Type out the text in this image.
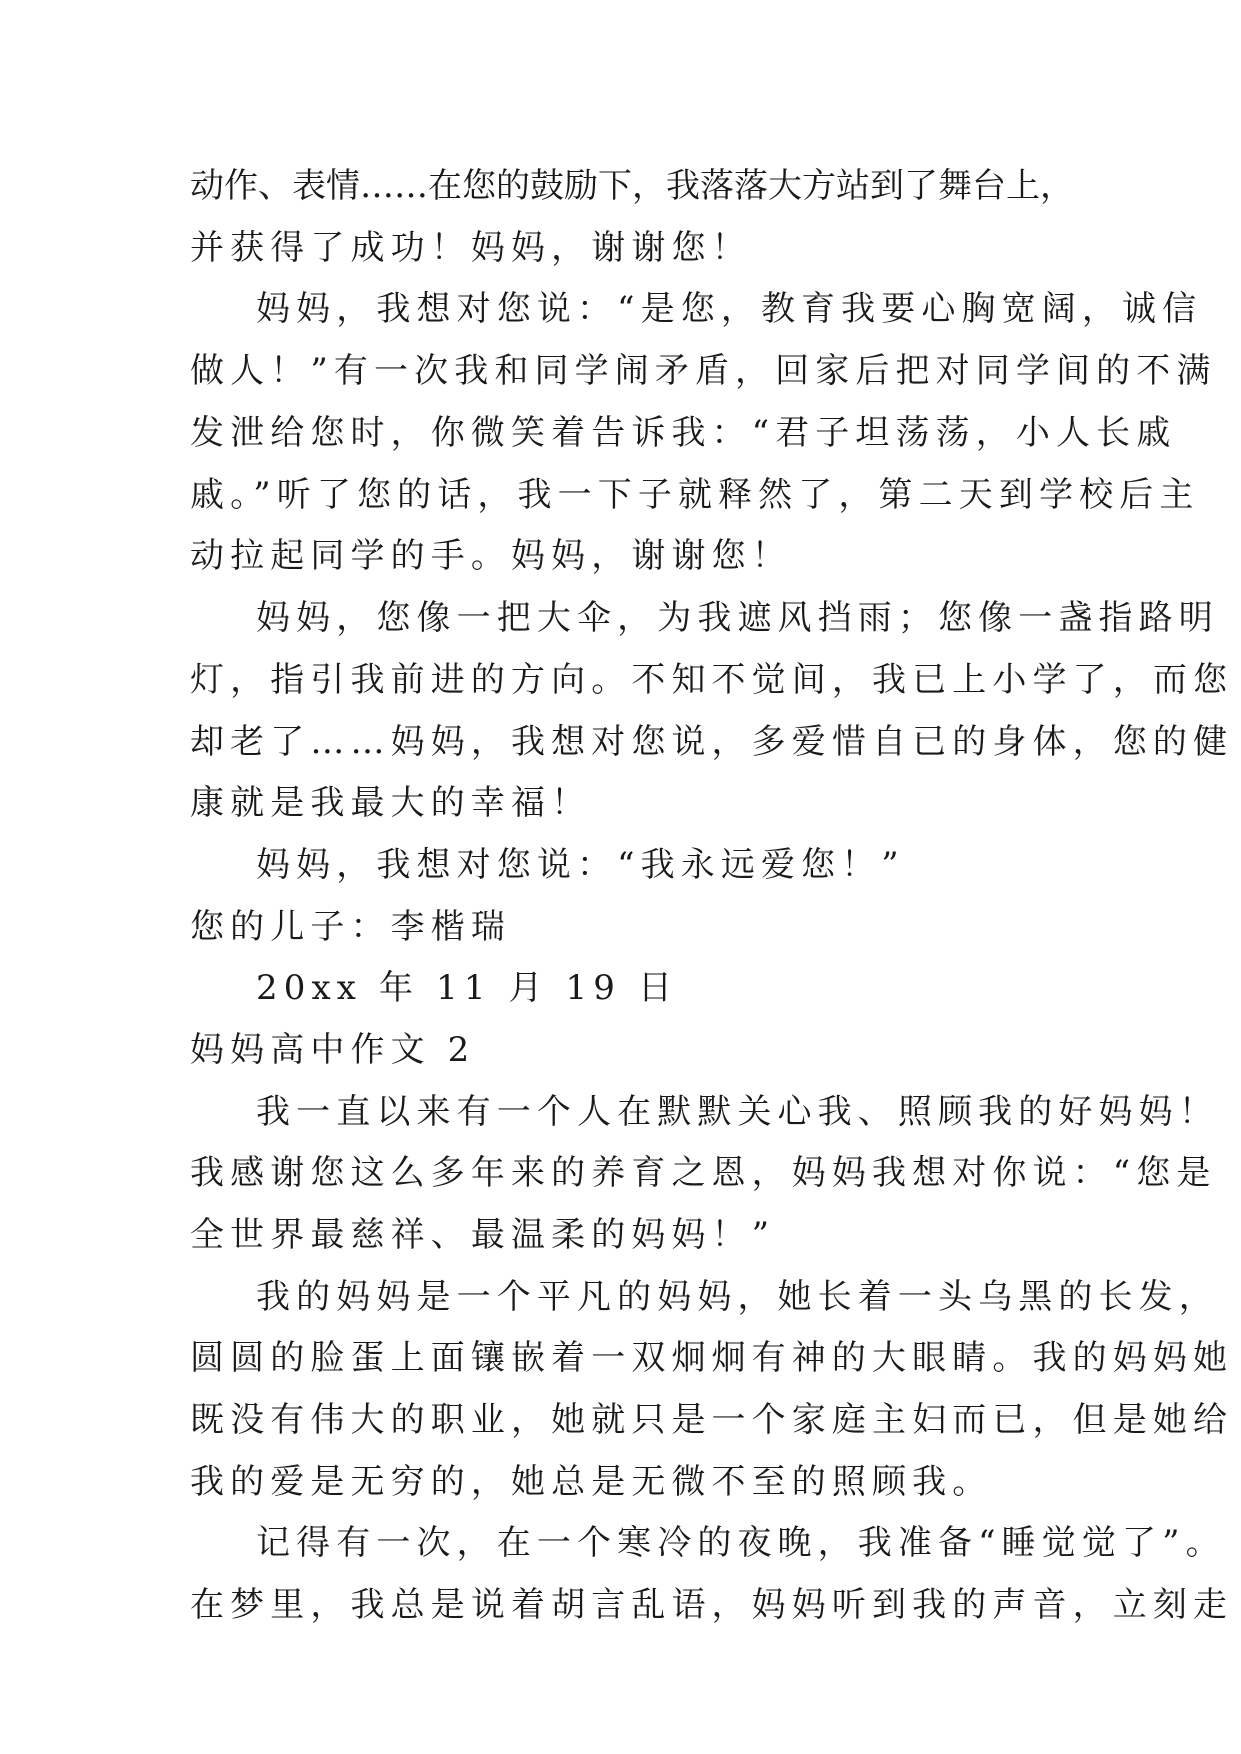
动作、表情……在您的鼓励下，我落落大方站到了舞台上，
并获得了成功！妈妈，谢谢您！
妈妈，我想对您说：“是您，教育我要心胸宽阔，诚信
做人！”有一次我和同学闹矛盾，回家后把对同学间的不满
发泄给您时，你微笑着告诉我：“君子坦荡荡，小人长戚
戚。”听了您的话，我一下子就释然了，第二天到学校后主
动拉起同学的手。妈妈，谢谢您！
妈妈，您像一把大伞，为我遮风挡雨；您像一盏指路明
灯，指引我前进的方向。不知不觉间，我已上小学了，而您
却老了……妈妈，我想对您说，多爱惜自已的身体，您的健
康就是我最大的幸福！
妈妈，我想对您说：“我永远爱您！”
您的儿子：李楷瑞
20xx 年 11 月 19 日
妈妈高中作文 2
我一直以来有一个人在默默关心我、照顾我的好妈妈！
我感谢您这么多年来的养育之恩，妈妈我想对你说：“您是
全世界最慈祥、最温柔的妈妈！”
我的妈妈是一个平凡的妈妈，她长着一头乌黑的长发，
圆圆的脸蛋上面镶嵌着一双炯炯有神的大眼睛。我的妈妈她
既没有伟大的职业，她就只是一个家庭主妇而已，但是她给
我的爱是无穷的，她总是无微不至的照顾我。
记得有一次，在一个寒冷的夜晚，我准备“睡觉觉了”。
在梦里，我总是说着胡言乱语，妈妈听到我的声音，立刻走
